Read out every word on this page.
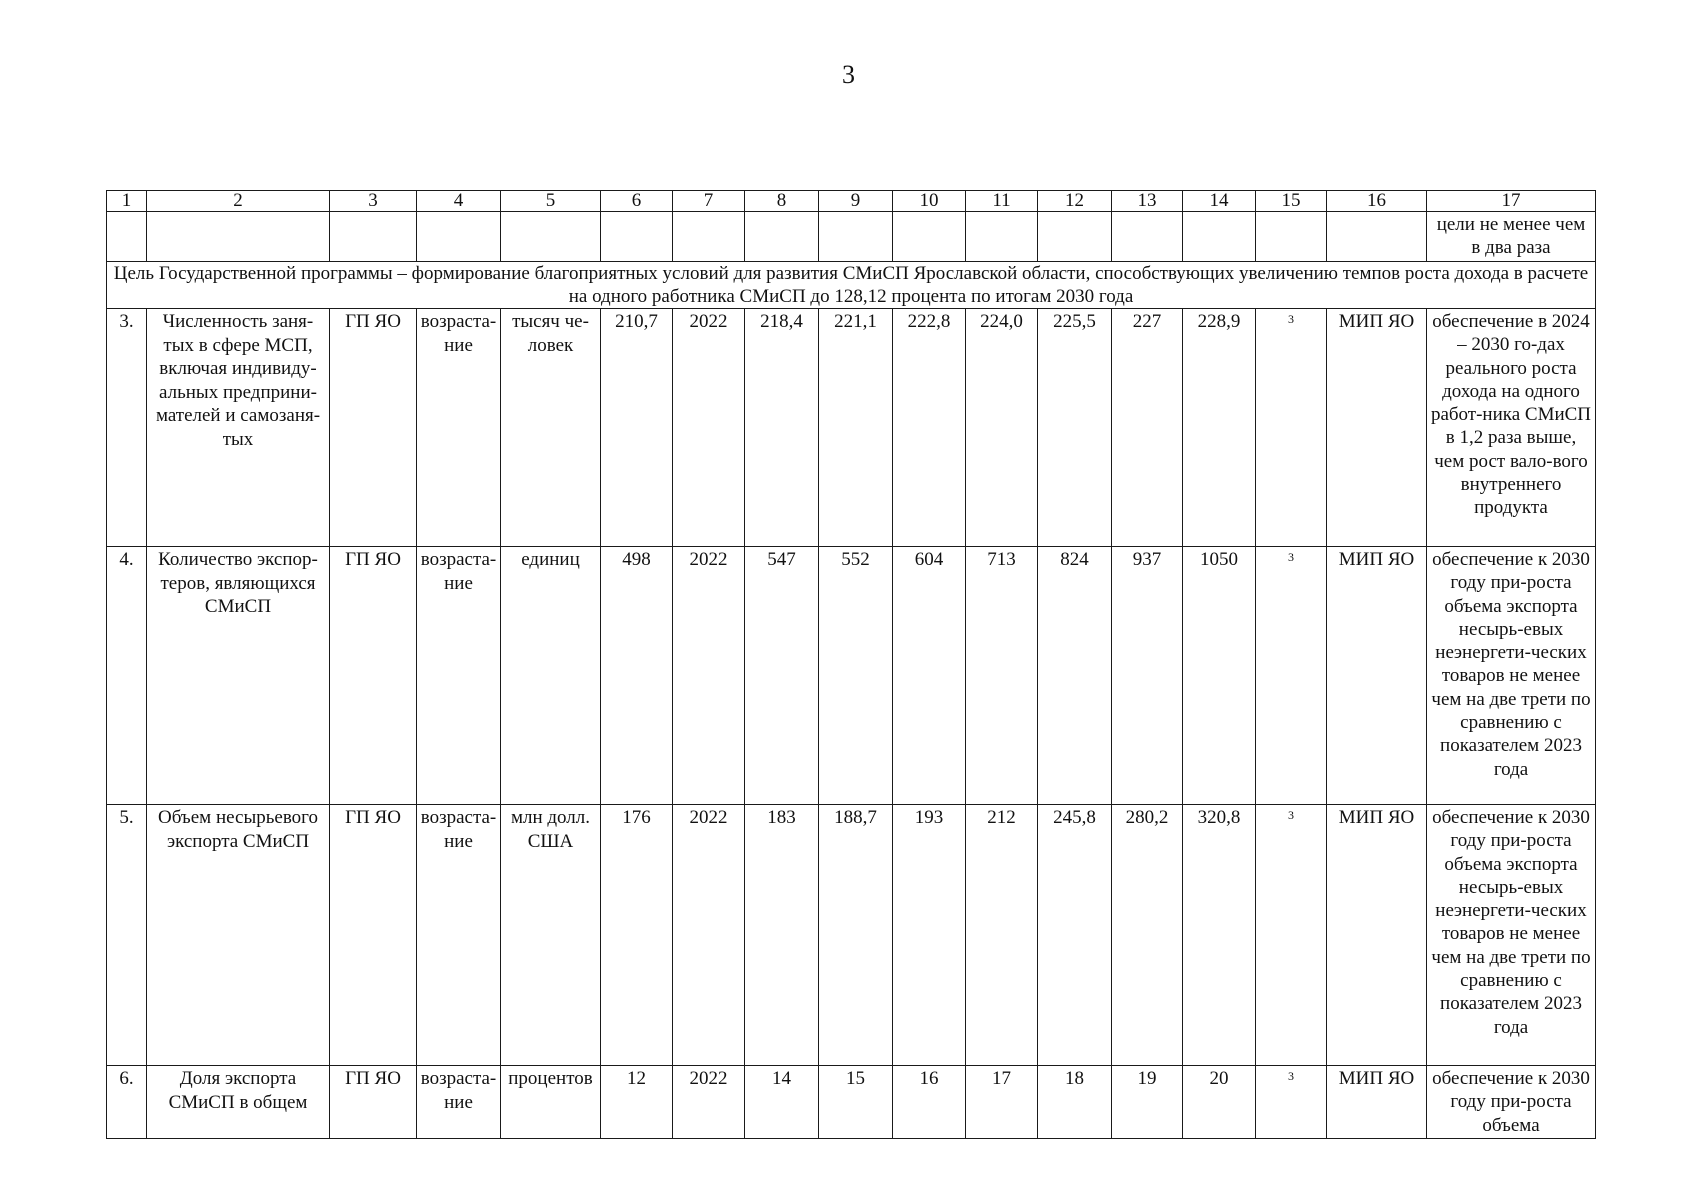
3
1	2	3	4	5	6	7	8	9	10	11	12	13	14	15	16	17
																цели не менее чем в два раза
Цель Государственной программы – формирование благоприятных условий для развития СМиСП Ярославской области, способствующих увеличению темпов роста дохода в расчете на одного работника СМиСП до 128,12 процента по итогам 2030 года																
3.	Численность заня-тых в сфере МСП, включая индивиду-альных предприни-мателей и самозаня-тых	ГП ЯО	возраста-ние	тысяч че-ловек	210,7	2022	218,4	221,1	222,8	224,0	225,5	227	228,9	$^3$	МИП ЯО	обеспечение в 2024 – 2030 го-дах реального роста дохода на одного работ-ника СМиСП в 1,2 раза выше, чем рост вало-вого внутреннего продукта
4.	Количество экспор-теров, являющихся СМиСП	ГП ЯО	возраста-ние	единиц	498	2022	547	552	604	713	824	937	1050	$^3$	МИП ЯО	обеспечение к 2030 году при-роста объема экспорта несырь-евых неэнергети-ческих товаров не менее чем на две трети по сравнению с показателем 2023 года
5.	Объем несырьевого экспорта СМиСП	ГП ЯО	возраста-ние	млн долл. США	176	2022	183	188,7	193	212	245,8	280,2	320,8	$^3$	МИП ЯО	обеспечение к 2030 году при-роста объема экспорта несырь-евых неэнергети-ческих товаров не менее чем на две трети по сравнению с показателем 2023 года
6.	Доля экспорта СМиСП в общем	ГП ЯО	возраста-ние	процентов	12	2022	14	15	16	17	18	19	20	$^3$	МИП ЯО	обеспечение к 2030 году при-роста объема
